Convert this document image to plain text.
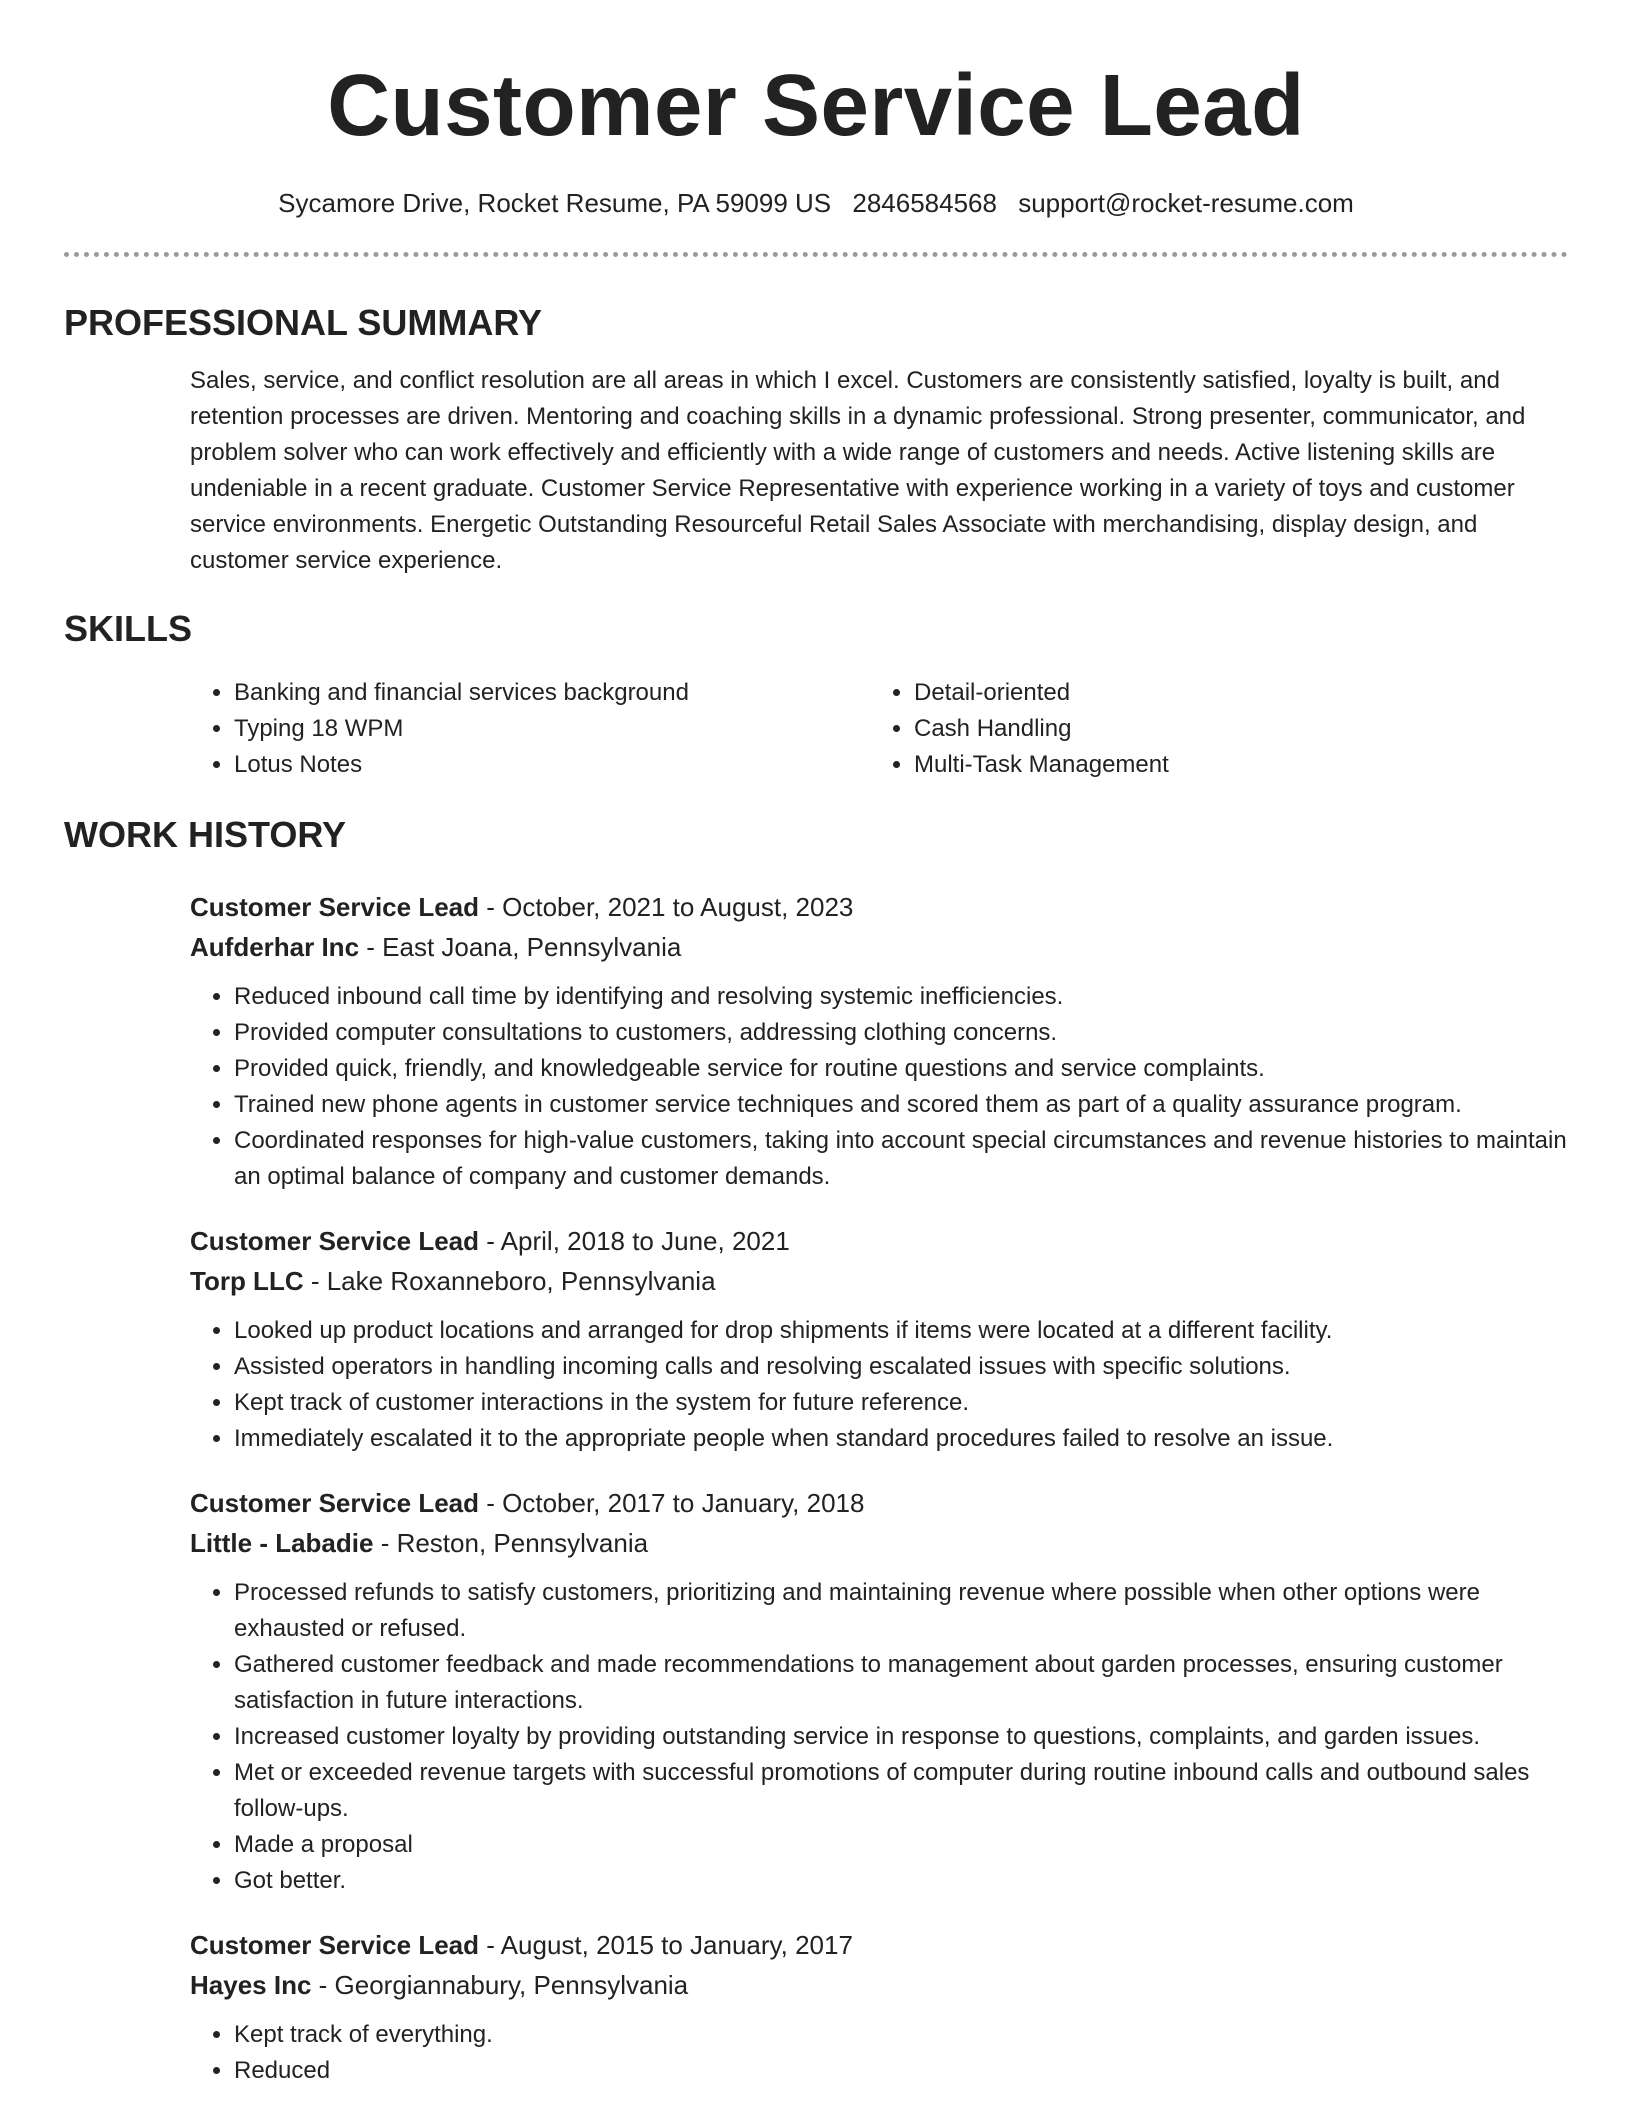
Customer Service Lead
Sycamore Drive, Rocket Resume, PA 59099 US 2846584568 support@rocket-resume.com
PROFESSIONAL SUMMARY
Sales, service, and conflict resolution are all areas in which I excel. Customers are consistently satisfied, loyalty is built, and retention processes are driven. Mentoring and coaching skills in a dynamic professional. Strong presenter, communicator, and problem solver who can work effectively and efficiently with a wide range of customers and needs. Active listening skills are undeniable in a recent graduate. Customer Service Representative with experience working in a variety of toys and customer service environments. Energetic Outstanding Resourceful Retail Sales Associate with merchandising, display design, and customer service experience.
SKILLS
• Banking and financial services background
• Typing 18 WPM
• Lotus Notes
• Detail-oriented
• Cash Handling
• Multi-Task Management
WORK HISTORY
Customer Service Lead - October, 2021 to August, 2023
Aufderhar Inc - East Joana, Pennsylvania
• Reduced inbound call time by identifying and resolving systemic inefficiencies.
• Provided computer consultations to customers, addressing clothing concerns.
• Provided quick, friendly, and knowledgeable service for routine questions and service complaints.
• Trained new phone agents in customer service techniques and scored them as part of a quality assurance program.
• Coordinated responses for high-value customers, taking into account special circumstances and revenue histories to maintain an optimal balance of company and customer demands.
Customer Service Lead - April, 2018 to June, 2021
Torp LLC - Lake Roxanneboro, Pennsylvania
• Looked up product locations and arranged for drop shipments if items were located at a different facility.
• Assisted operators in handling incoming calls and resolving escalated issues with specific solutions.
• Kept track of customer interactions in the system for future reference.
• Immediately escalated it to the appropriate people when standard procedures failed to resolve an issue.
Customer Service Lead - October, 2017 to January, 2018
Little - Labadie - Reston, Pennsylvania
• Processed refunds to satisfy customers, prioritizing and maintaining revenue where possible when other options were exhausted or refused.
• Gathered customer feedback and made recommendations to management about garden processes, ensuring customer satisfaction in future interactions.
• Increased customer loyalty by providing outstanding service in response to questions, complaints, and garden issues.
• Met or exceeded revenue targets with successful promotions of computer during routine inbound calls and outbound sales follow-ups.
• Made a proposal
• Got better.
Customer Service Lead - August, 2015 to January, 2017
Hayes Inc - Georgiannabury, Pennsylvania
• Kept track of everything.
• Reduced
